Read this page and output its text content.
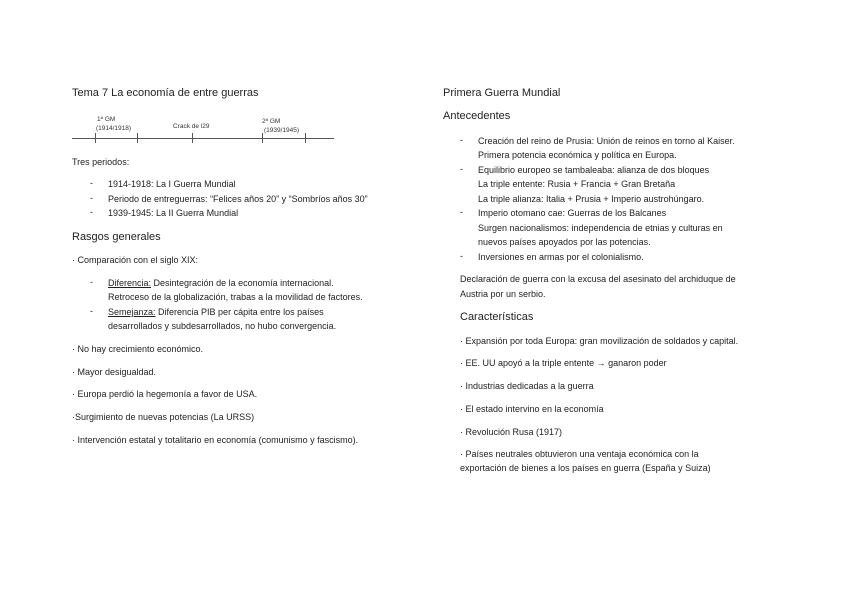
Tema 7 La economía de entre guerras
1ª GM
(1914/1918)	Crack de l29
2ª GM
(1939/1945)
Tres periodos:
- 1914-1918: La I Guerra Mundial
- Periodo de entreguerras: “Felices años 20” y “Sombríos años 30”
- 1939-1945: La II Guerra Mundial
Rasgos generales
· Comparación con el siglo XIX:
- Diferencia: Desintegración de la economía internacional.
Retroceso de la globalización, trabas a la movilidad de factores.
- Semejanza: Diferencia PIB per cápita entre los países
desarrollados y subdesarrollados, no hubo convergencia.
· No hay crecimiento económico.
· Mayor desigualdad.
· Europa perdió la hegemonía a favor de USA.
·Surgimiento de nuevas potencias (La URSS)
· Intervención estatal y totalitario en economía (comunismo y fascismo).
Primera Guerra Mundial
Antecedentes
- Creación del reino de Prusia: Unión de reinos en torno al Kaiser.
Primera potencia económica y política en Europa.
- Equilibrio europeo se tambaleaba: alianza de dos bloques
La triple entente: Rusia + Francia + Gran Bretaña
La triple alianza: Italia + Prusia + Imperio austrohúngaro.
- Imperio otomano cae: Guerras de los Balcanes
Surgen nacionalismos: independencia de etnias y culturas en
nuevos países apoyados por las potencias.
- Inversiones en armas por el colonialismo.
Declaración de guerra con la excusa del asesinato del archiduque de
Austria por un serbio.
Características
· Expansión por toda Europa: gran movilización de soldados y capital.
· EE. UU apoyó a la triple entente → ganaron poder
· Industrias dedicadas a la guerra
· El estado intervino en la economía
· Revolución Rusa (1917)
· Países neutrales obtuvieron una ventaja económica con la
exportación de bienes a los países en guerra (España y Suiza)
